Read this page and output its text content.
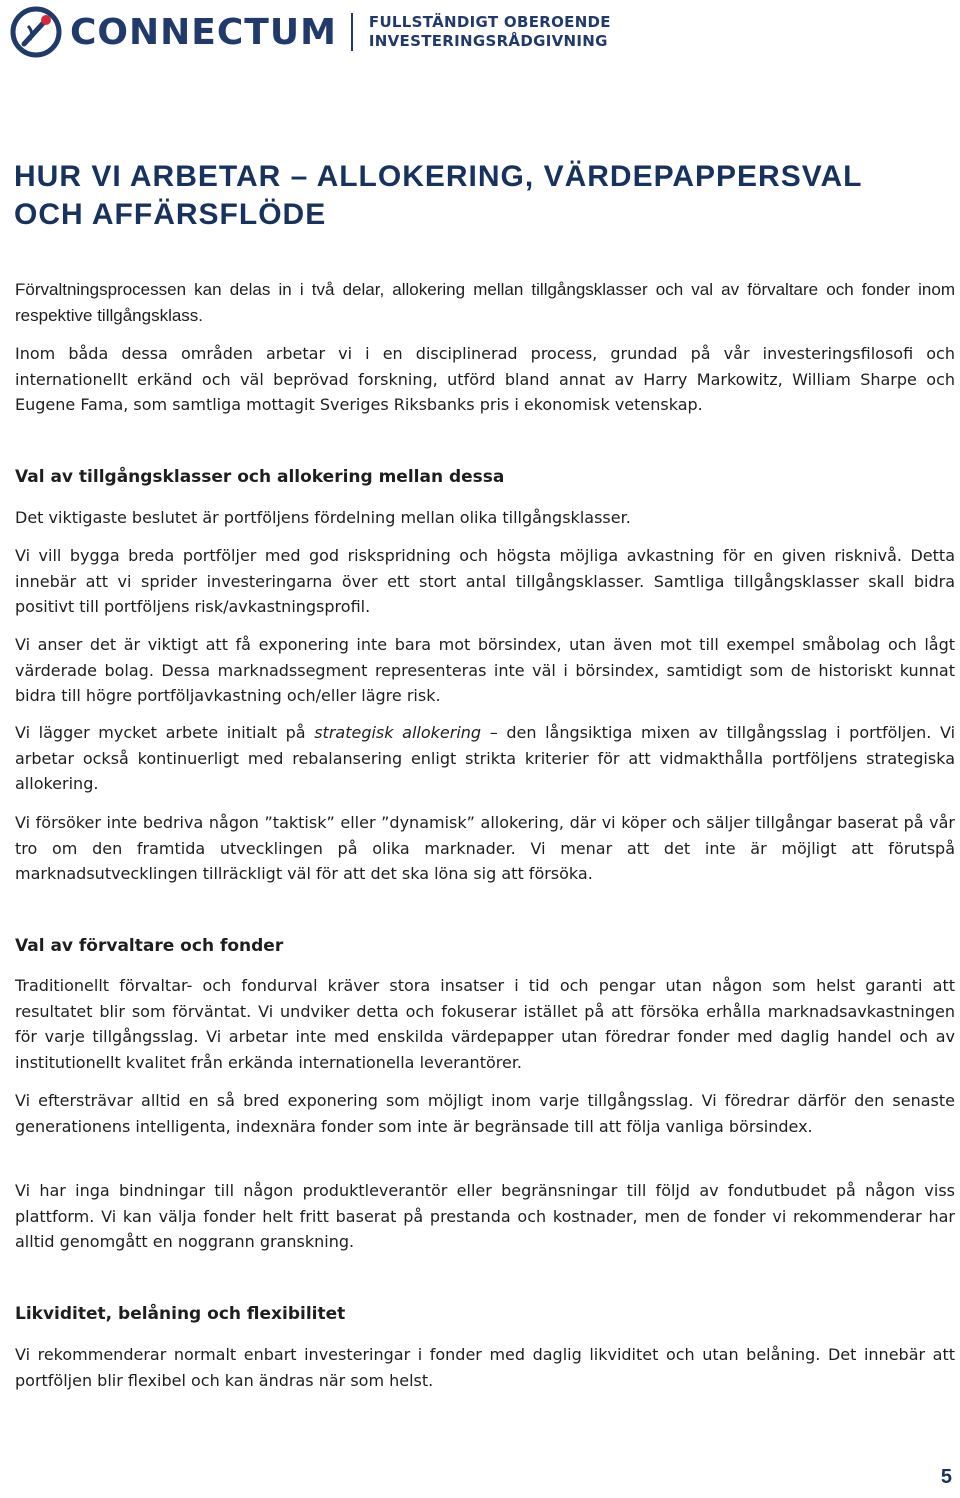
CONNECTUM FULLSTÄNDIGT OBEROENDE
INVESTERINGSRÅDGIVNING
HUR VI ARBETAR – ALLOKERING, VÄRDEPAPPERSVAL
OCH AFFÄRSFLÖDE

Förvaltningsprocessen kan delas in i två delar, allokering mellan tillgångsklasser och val av förvaltare och fonder inom respektive tillgångsklass.

Inom båda dessa områden arbetar vi i en disciplinerad process, grundad på vår investeringsfilosofi och internationellt erkänd och väl beprövad forskning, utförd bland annat av Harry Markowitz, William Sharpe och Eugene Fama, som samtliga mottagit Sveriges Riksbanks pris i ekonomisk vetenskap.

Val av tillgångsklasser och allokering mellan dessa

Det viktigaste beslutet är portföljens fördelning mellan olika tillgångsklasser.

Vi vill bygga breda portföljer med god riskspridning och högsta möjliga avkastning för en given risknivå. Detta innebär att vi sprider investeringarna över ett stort antal tillgångsklasser. Samtliga tillgångsklasser skall bidra positivt till portföljens risk/avkastningsprofil.

Vi anser det är viktigt att få exponering inte bara mot börsindex, utan även mot till exempel småbolag och lågt värderade bolag. Dessa marknadssegment representeras inte väl i börsindex, samtidigt som de historiskt kunnat bidra till högre portföljavkastning och/eller lägre risk.

Vi lägger mycket arbete initialt på strategisk allokering – den långsiktiga mixen av tillgångsslag i portföljen. Vi arbetar också kontinuerligt med rebalansering enligt strikta kriterier för att vidmakthålla portföljens strategiska allokering.

Vi försöker inte bedriva någon ”taktisk” eller ”dynamisk” allokering, där vi köper och säljer tillgångar baserat på vår tro om den framtida utvecklingen på olika marknader. Vi menar att det inte är möjligt att förutspå marknadsutvecklingen tillräckligt väl för att det ska löna sig att försöka.

Val av förvaltare och fonder

Traditionellt förvaltar- och fondurval kräver stora insatser i tid och pengar utan någon som helst garanti att resultatet blir som förväntat. Vi undviker detta och fokuserar istället på att försöka erhålla marknadsavkastningen för varje tillgångsslag. Vi arbetar inte med enskilda värdepapper utan föredrar fonder med daglig handel och av institutionellt kvalitet från erkända internationella leverantörer.

Vi eftersträvar alltid en så bred exponering som möjligt inom varje tillgångsslag. Vi föredrar därför den senaste generationens intelligenta, indexnära fonder som inte är begränsade till att följa vanliga börsindex.

Vi har inga bindningar till någon produktleverantör eller begränsningar till följd av fondutbudet på någon viss plattform. Vi kan välja fonder helt fritt baserat på prestanda och kostnader, men de fonder vi rekommenderar har alltid genomgått en noggrann granskning.

Likviditet, belåning och flexibilitet

Vi rekommenderar normalt enbart investeringar i fonder med daglig likviditet och utan belåning. Det innebär att portföljen blir flexibel och kan ändras när som helst.

5
